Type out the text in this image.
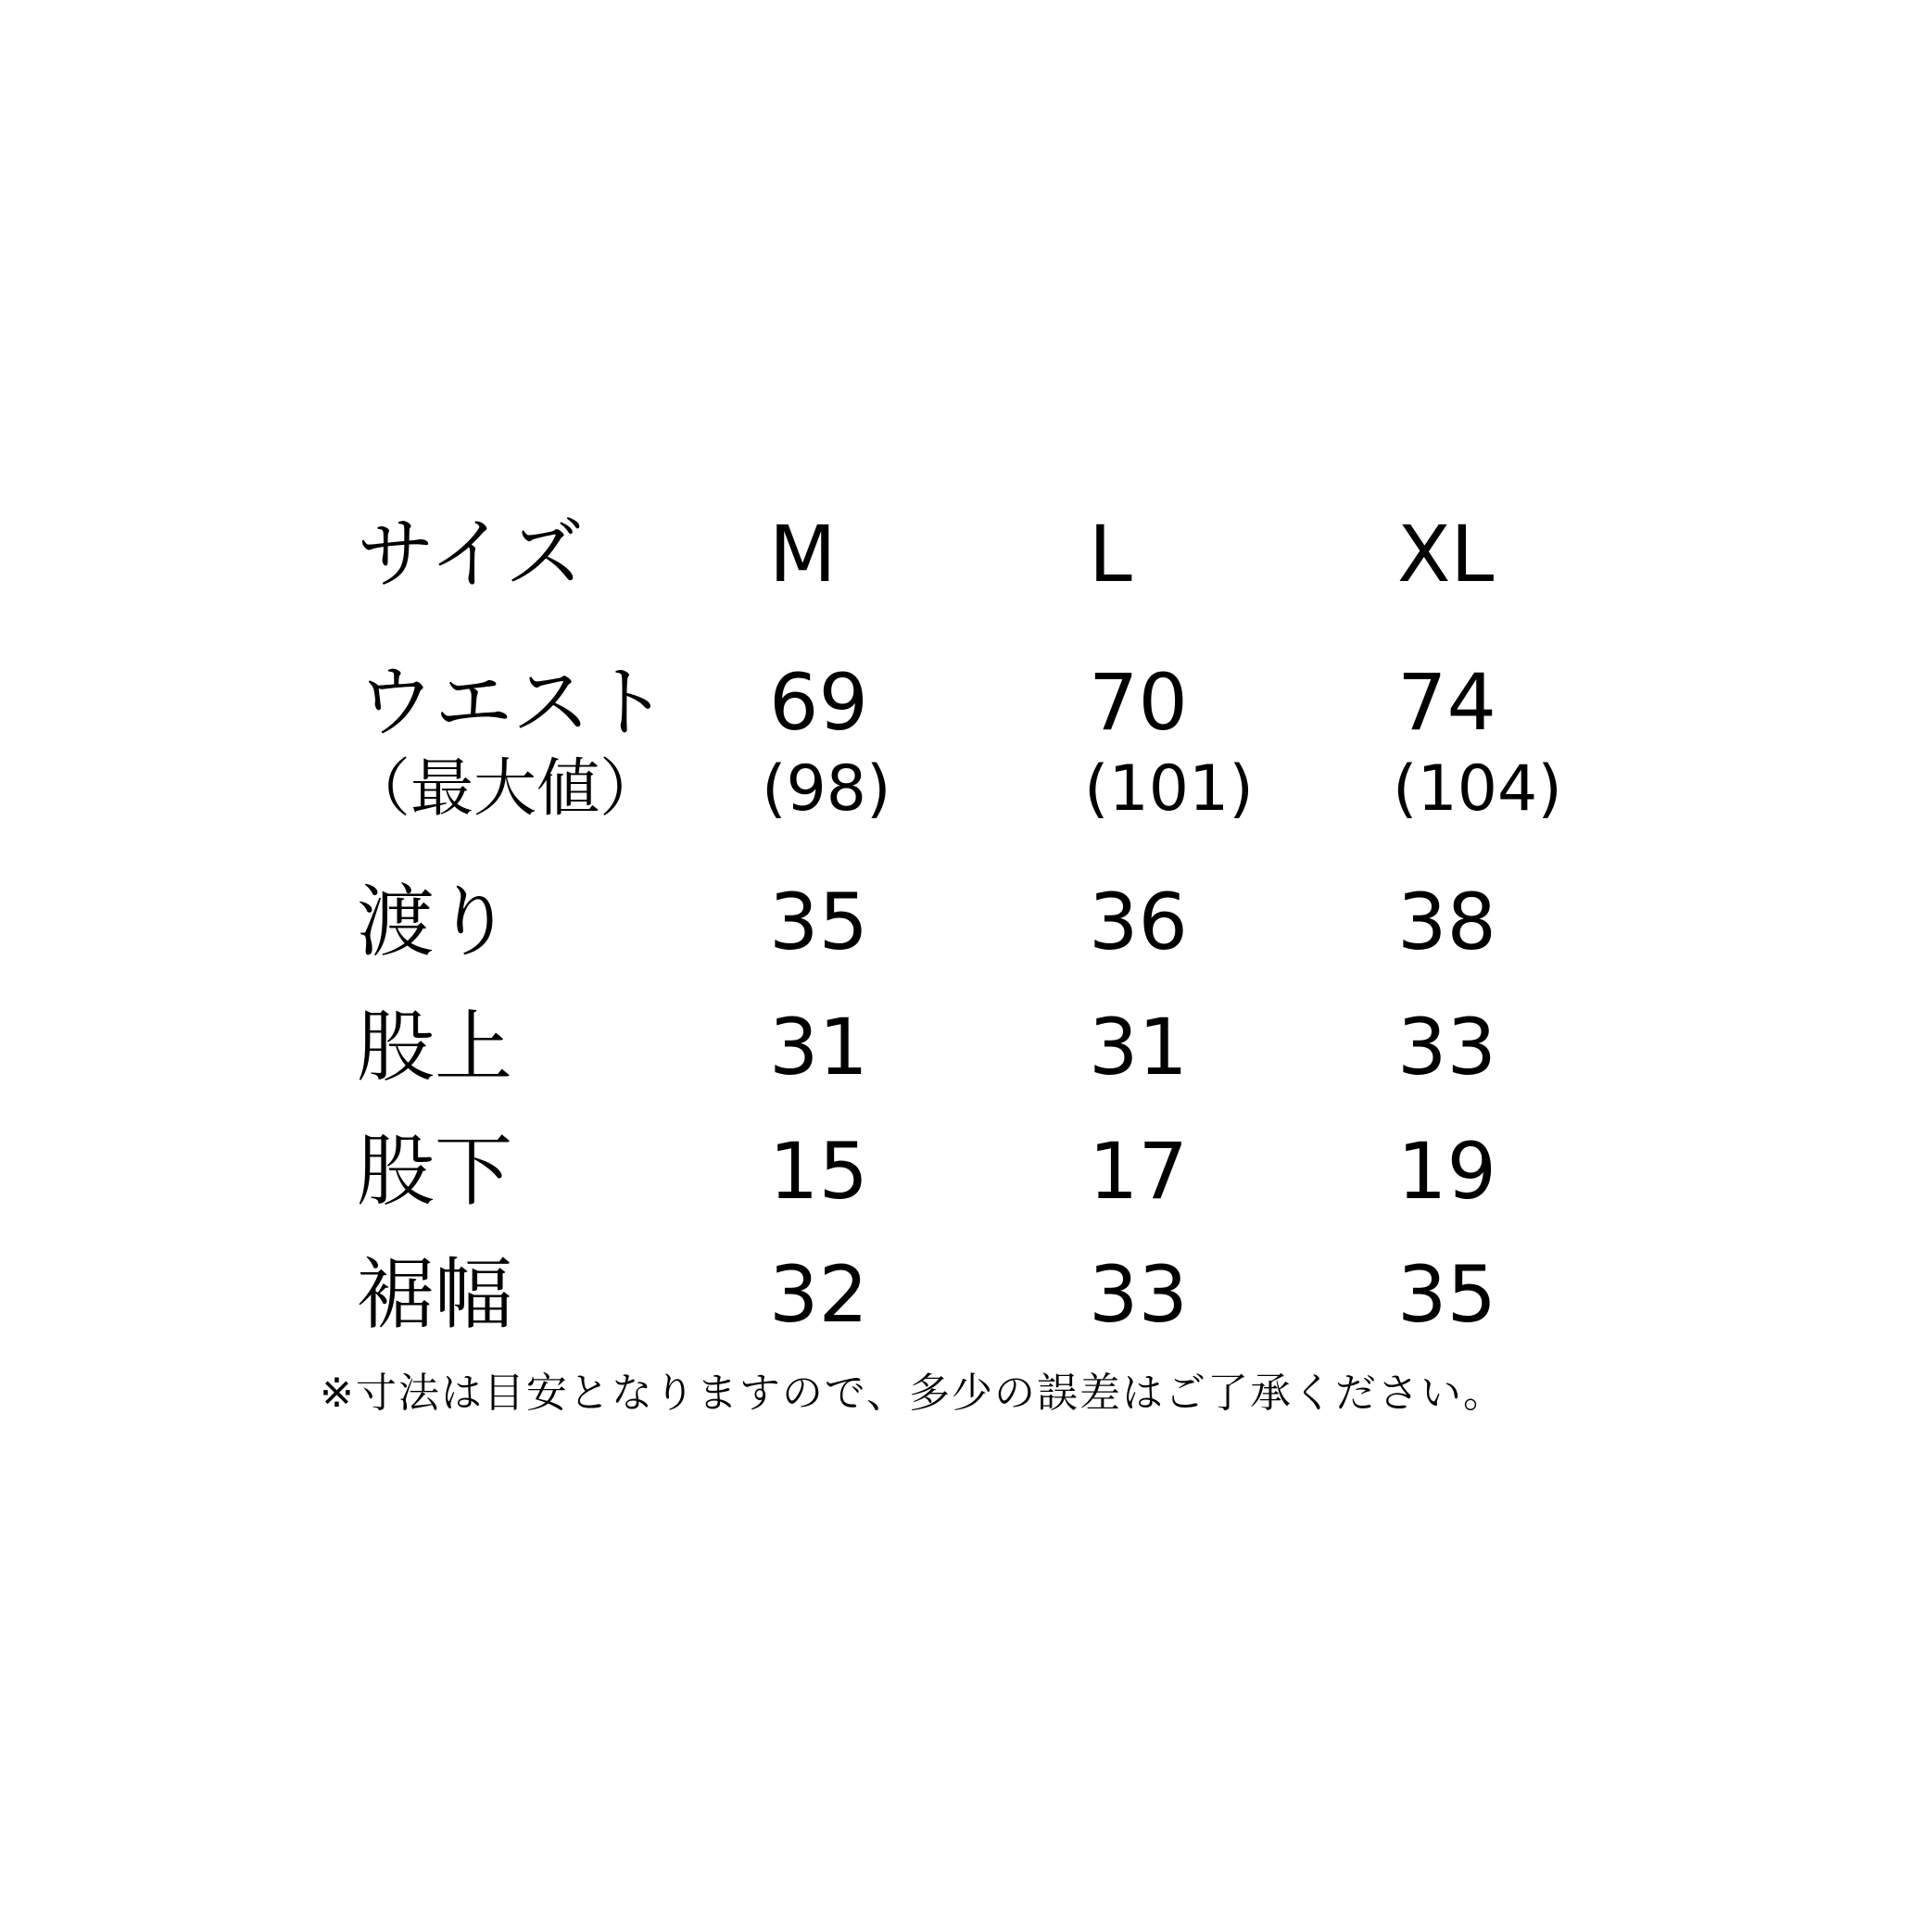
サイズ M	L	XL
ウエスト 69	70	74
（最大値） (98)	(101) (104)
渡り	35	36	38
股上	31	31	33
股下	15	17	19
裾幅	32	33	35
※寸法は目安となりますので、多少の誤差はご了承ください。
